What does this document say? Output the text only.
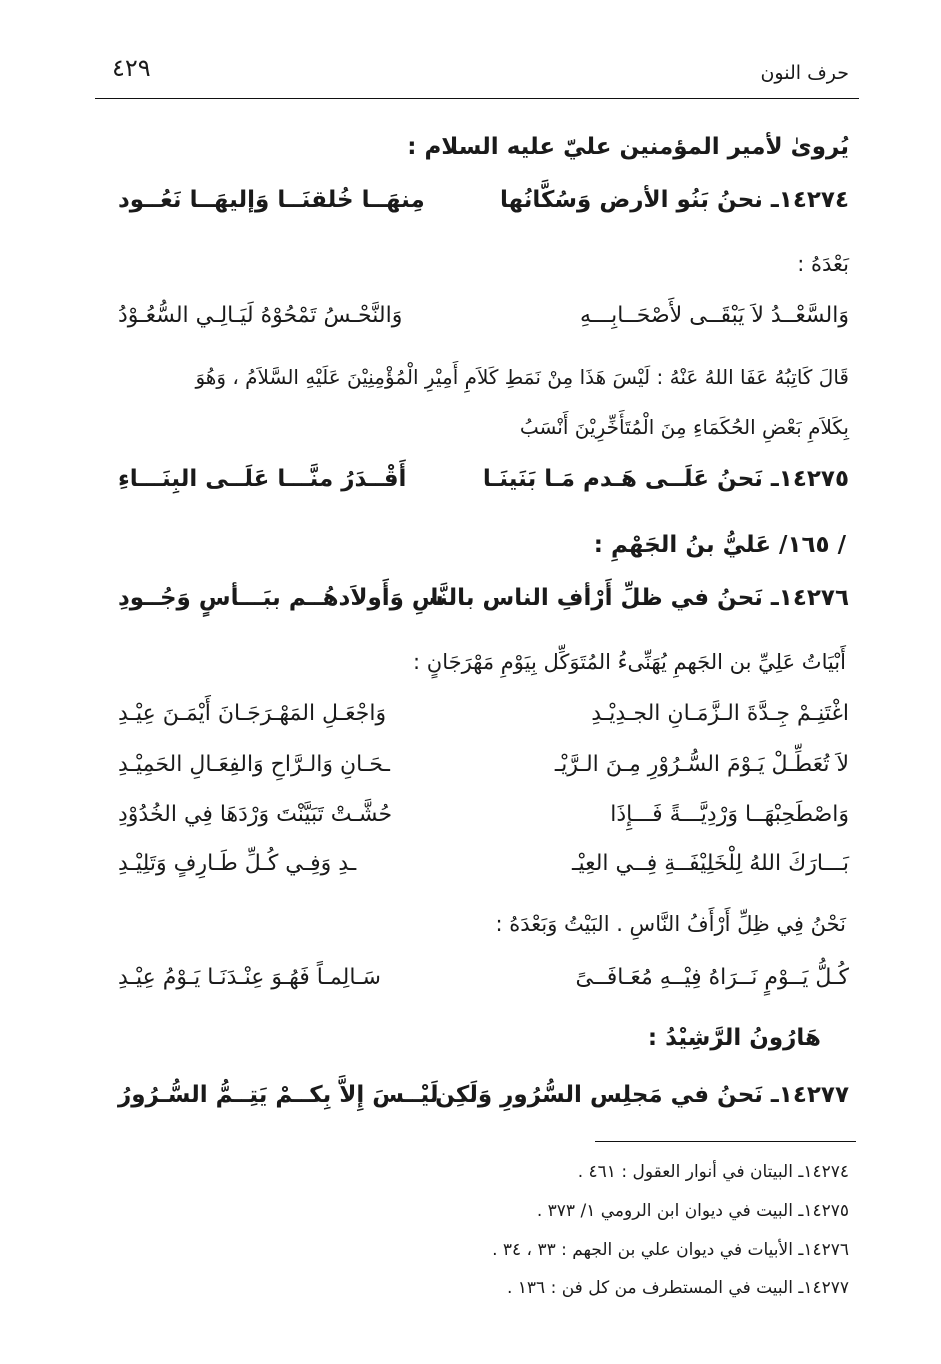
حرف النون
٤٢٩
يُروىٰ لأمير المؤمنين عليّ عليه السلام :
١٤٢٧٤ـ نحنُ بَنُو الأرض وَسُكَّانُها
مِنهَــا خُلقنَــا وَإليهَــا نَعُــود
بَعْدَهُ :
وَالسَّعْــدُ لاَ يَبْقَــى لأَصْحَــابِـــهِ
وَالنَّحْـسُ تَمْحُوْهُ لَيَـالِـي السُّعُـوْدُ
قَالَ كَاتِبُهُ عَفَا اللهُ عَنْهُ : لَيْسَ هَذَا مِنْ نَمَطِ كَلاَمِ أَمِيْرِ الْمُؤْمِنِيْنَ عَلَيْهِ السَّلاَمُ ، وَهُوَ
بِكَلاَمِ بَعْضِ الحُكَمَاءِ مِنَ الْمُتَأَخِّرِيْنَ أَنْسَبُ
١٤٢٧٥ـ نَحنُ عَلَــى هَـدم مَـا بَنَينَـا
أَقْــدَرُ منَّـــا عَلَــى البِنَـــاءِ
/ ١٦٥/ عَليُّ بنُ الجَهْمِ :
١٤٢٧٦ـ نَحنُ في ظلِّ أَرْأفِ الناس بالنَّا
سِ وَأَولاَدهُــم ببَـــأسٍ وَجُــودِ
أَبْيَاتُ عَلِيِّ بن الجَهمِ يُهَنِّىءُ المُتَوَكِّل بِيَوْمِ مَهْرَجَانٍ :
اغْتَنِـمْ جِـدَّةَ الـزَّمَـانِ الجـدِيْـدِ
وَاجْعَـلِ المَهْـرَجَـانَ أَيْمَـنَ عِيْـدِ
لاَ تُعَطِّـلْ يَـوْمَ السُّـرُوْرِ مِـنَ الـرَّيْـ
ـحَـانِ وَالـرَّاحِ وَالفِعَـالِ الحَمِيْـدِ
وَاصْطَحِبْهَــا وَرْدِيَّـــةً فَـــإِذَا
حُشَّـتْ تَبَيَّنْتَ وَرْدَهَا فِي الخُدُوْدِ
بَـــارَكَ اللهُ لِلْخَلِيْفَــةِ فِــي العِيْـ
ـدِ وَفِـي كُـلِّ طَـارِفٍ وَتَلِيْـدِ
نَحْنُ فِي ظِلِّ أَرْأَفُ النَّاسِ . البَيْتُ وَبَعْدَهُ :
كُـلُّ يَــوْمٍ نَــرَاهُ فِيْــهِ مُعَـافَــىً
سَـالِمـاً فَهُـوَ عِنْـدَنَـا يَـوْمُ عِيْـدِ
هَارُونُ الرَّشِيْدُ :
١٤٢٧٧ـ نَحنُ في مَجلِس السُّرُورِ وَلَكِن
لَيْــسَ إِلاَّ بِكــمْ يَتِــمُّ السُّـرُورُ
١٤٢٧٤ـ البيتان في أنوار العقول : ٤٦١ .
١٤٢٧٥ـ البيت في ديوان ابن الرومي ١/ ٣٧٣ .
١٤٢٧٦ـ الأبيات في ديوان علي بن الجهم : ٣٣ ، ٣٤ .
١٤٢٧٧ـ البيت في المستطرف من كل فن : ١٣٦ .
